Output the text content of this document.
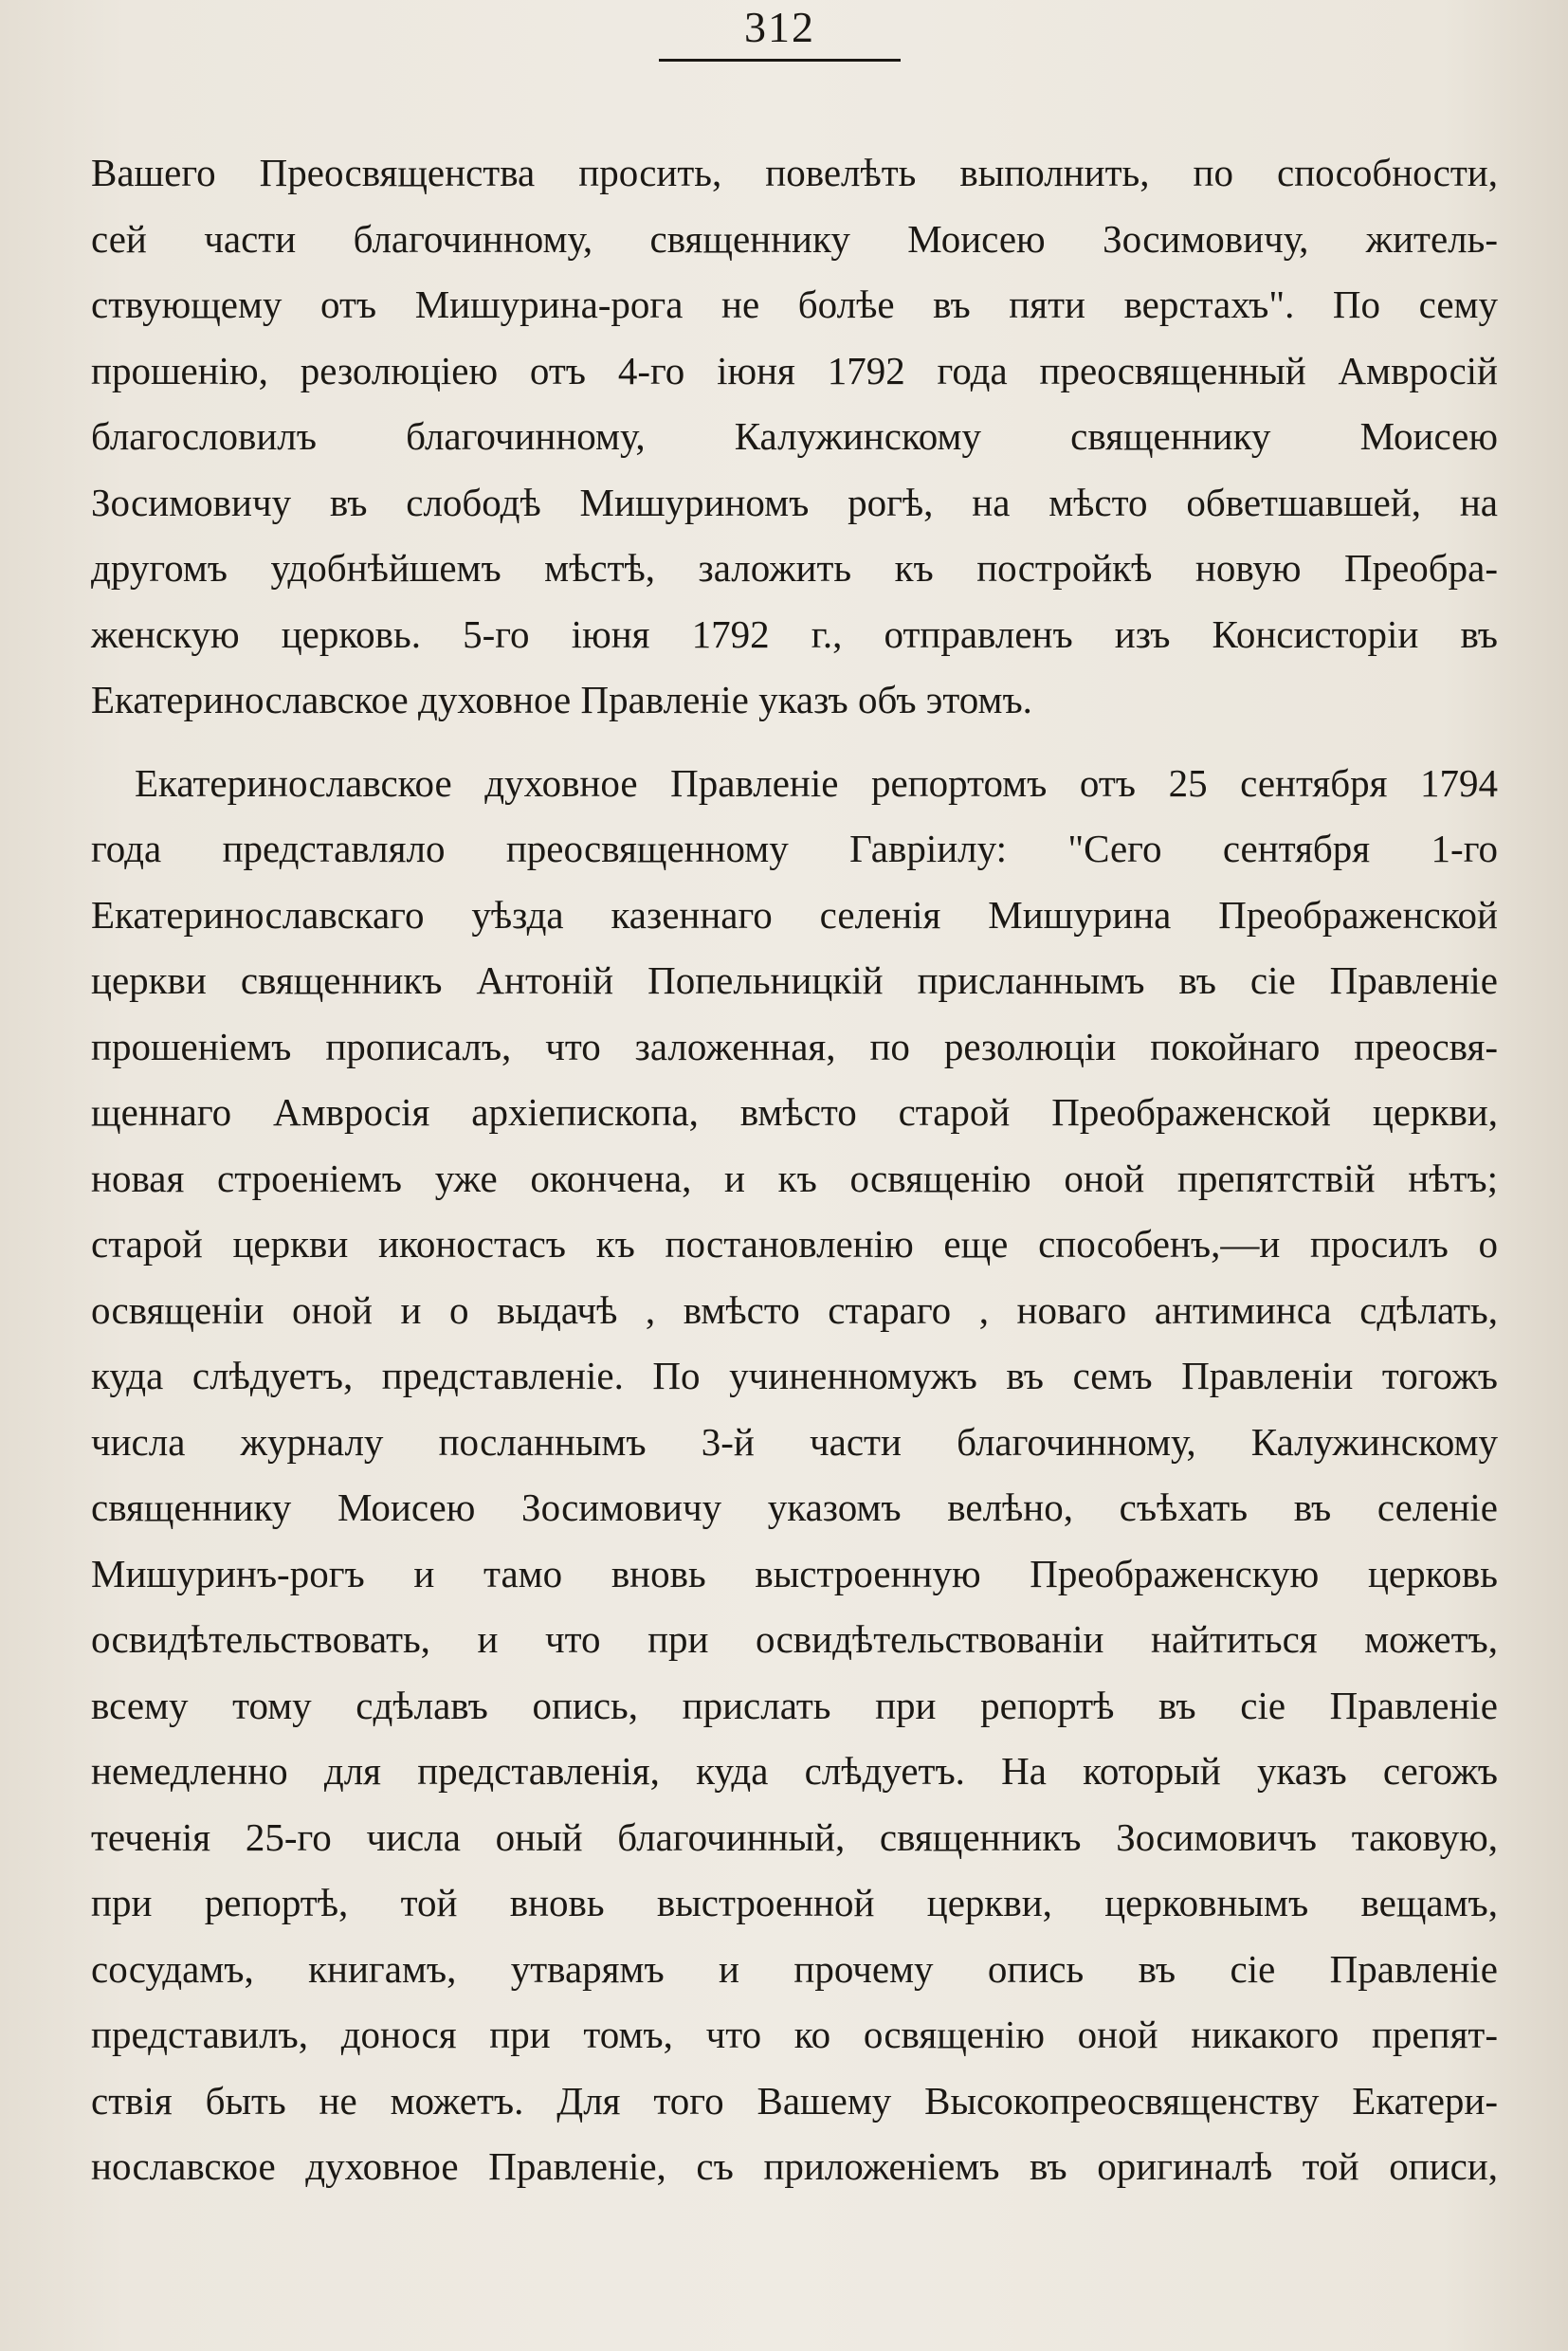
312
Вашего Преосвященства просить, повелѣть выполнить, по способности,
сей части благочинному, священнику Моисею Зосимовичу, житель-
ствующему отъ Мишурина-рога не болѣе въ пяти верстахъ". По сему
прошенію, резолюціею отъ 4-го іюня 1792 года преосвященный Амвросій
благословилъ благочинному, Калужинскому священнику Моисею
Зосимовичу въ слободѣ Мишуриномъ рогѣ, на мѣсто обветшавшей, на
другомъ удобнѣйшемъ мѣстѣ, заложить къ постройкѣ новую Преобра-
женскую церковь. 5-го іюня 1792 г., отправленъ изъ Консисторіи въ
Екатеринославское духовное Правленіе указъ объ этомъ.
Екатеринославское духовное Правленіе репортомъ отъ 25 сентября 1794
года представляло преосвященному Гавріилу: "Сего сентября 1-го
Екатеринославскаго уѣзда казеннаго селенія Мишурина Преображенской
церкви священникъ Антоній Попельницкій присланнымъ въ сіе Правленіе
прошеніемъ прописалъ, что заложенная, по резолюціи покойнаго преосвя-
щеннаго Амвросія архіепископа, вмѣсто старой Преображенской церкви,
новая строеніемъ уже окончена, и къ освященію оной препятствій нѣтъ;
старой церкви иконостасъ къ постановленію еще способенъ,—и просилъ о
освященіи оной и о выдачѣ , вмѣсто стараго , новаго антиминса сдѣлать,
куда слѣдуетъ, представленіе. По учиненномужъ въ семъ Правленіи тогожъ
числа журналу посланнымъ 3-й части благочинному, Калужинскому
священнику Моисею Зосимовичу указомъ велѣно, съѣхать въ селеніе
Мишуринъ-рогъ и тамо вновь выстроенную Преображенскую церковь
освидѣтельствовать, и что при освидѣтельствованіи найтиться можетъ,
всему тому сдѣлавъ опись, прислать при репортѣ въ сіе Правленіе
немедленно для представленія, куда слѣдуетъ. На который указъ сегожъ
теченія 25-го числа оный благочинный, священникъ Зосимовичъ таковую,
при репортѣ, той вновь выстроенной церкви, церковнымъ вещамъ,
сосудамъ, книгамъ, утварямъ и прочему опись въ сіе Правленіе
представилъ, донося при томъ, что ко освященію оной никакого препят-
ствія быть не можетъ. Для того Вашему Высокопреосвященству Екатери-
нославское духовное Правленіе, съ приложеніемъ въ оригиналѣ той описи,
